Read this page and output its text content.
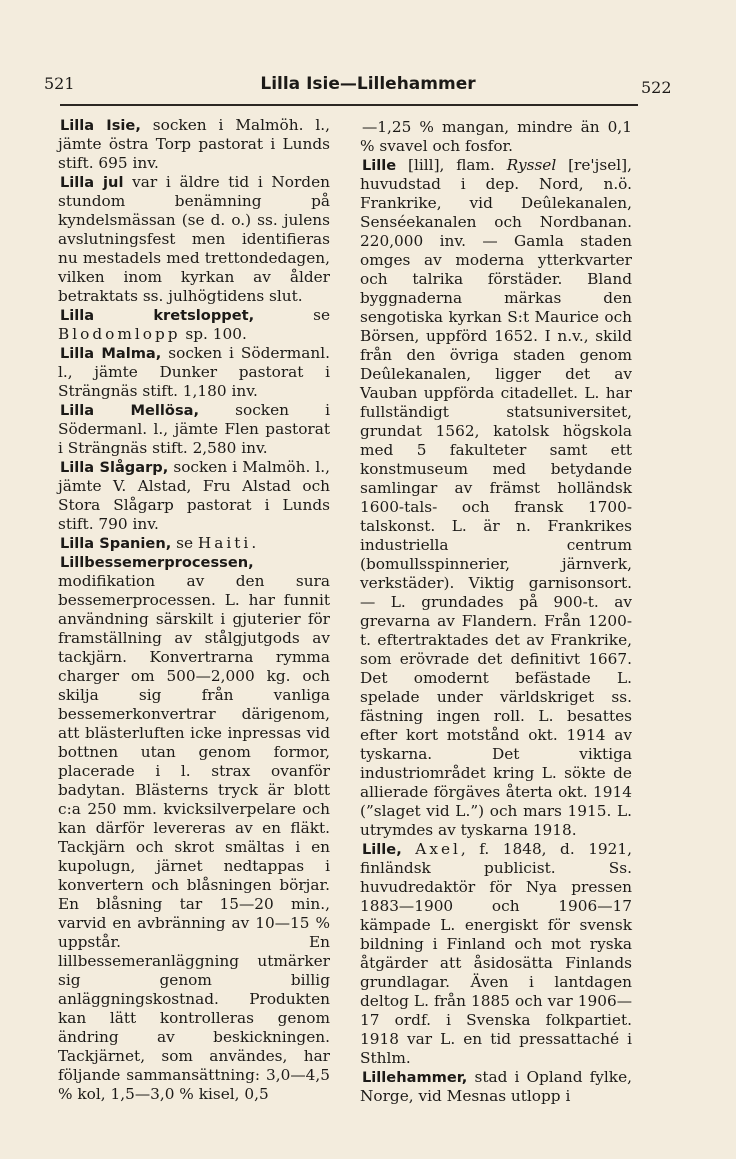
521	Lilla Isie—Lillehammer	522

Lilla Isie, socken i Malmöh. l., jämte östra Torp pastorat i Lunds stift. 695 inv.

Lilla jul var i äldre tid i Norden stundom benämning på kyndelsmässan (se d. o.) ss. julens avslutningsfest men identifieras nu mestadels med trettondedagen, vilken inom kyrkan av ålder betraktats ss. julhögtidens slut.

Lilla kretsloppet, se Blodomlopp sp. 100.

Lilla Malma, socken i Södermanl. l., jämte Dunker pastorat i Strängnäs stift. 1,180 inv.

Lilla Mellösa, socken i Södermanl. l., jämte Flen pastorat i Strängnäs stift. 2,580 inv.

Lilla Slågarp, socken i Malmöh. l., jämte V. Alstad, Fru Alstad och Stora Slågarp pastorat i Lunds stift. 790 inv.

Lilla Spanien, se Haiti.

Lillbessemerprocessen, modifikation av den sura bessemerprocessen. L. har funnit användning särskilt i gjuterier för framställning av stålgjutgods av tackjärn. Konvertrarna rymma charger om 500—2,000 kg. och skilja sig från vanliga bessemerkonvertrar därigenom, att blästerluften icke inpressas vid bottnen utan genom formor, placerade i l. strax ovanför badytan. Blästerns tryck är blott c:a 250 mm. kvicksilverpelare och kan därför levereras av en fläkt. Tackjärn och skrot smältas i en kupolugn, järnet nedtappas i konvertern och blåsningen börjar. En blåsning tar 15—20 min., varvid en avbränning av 10—15 % uppstår. En lillbessemeranläggning utmärker sig genom billig anläggningskostnad. Produkten kan lätt kontrolleras genom ändring av beskickningen. Tackjärnet, som användes, har följande sammansättning: 3,0—4,5 % kol, 1,5—3,0 % kisel, 0,5

—1,25 % mangan, mindre än 0,1 % svavel och fosfor.

Lille [lill], flam. Ryssel [re'jsel], huvudstad i dep. Nord, n.ö. Frankrike, vid Deûlekanalen, Senséekanalen och Nordbanan. 220,000 inv. — Gamla staden omges av moderna ytterkvarter och talrika förstäder. Bland byggnaderna märkas den sengotiska kyrkan S:t Maurice och Börsen, uppförd 1652. I n.v., skild från den övriga staden genom Deûlekanalen, ligger det av Vauban uppförda citadellet. L. har fullständigt statsuniversitet, grundat 1562, katolsk högskola med 5 fakulteter samt ett konstmuseum med betydande samlingar av främst holländsk 1600-tals- och fransk 1700-talskonst. L. är n. Frankrikes industriella centrum (bomullsspinnerier, järnverk, verkstäder). Viktig garnisonsort. — L. grundades på 900-t. av grevarna av Flandern. Från 1200-t. eftertraktades det av Frankrike, som erövrade det definitivt 1667. Det omodernt befästade L. spelade under världskriget ss. fästning ingen roll. L. besattes efter kort motstånd okt. 1914 av tyskarna. Det viktiga industriområdet kring L. sökte de allierade förgäves återta okt. 1914 (”slaget vid L.”) och mars 1915. L. utrymdes av tyskarna 1918.

Lille, Axel, f. 1848, d. 1921, finländsk publicist. Ss. huvudredaktör för Nya pressen 1883—1900 och 1906—17 kämpade L. energiskt för svensk bildning i Finland och mot ryska åtgärder att åsidosätta Finlands grundlagar. Även i lantdagen deltog L. från 1885 och var 1906—17 ordf. i Svenska folkpartiet. 1918 var L. en tid pressattaché i Sthlm.

Lillehammer, stad i Opland fylke, Norge, vid Mesnas utlopp i
